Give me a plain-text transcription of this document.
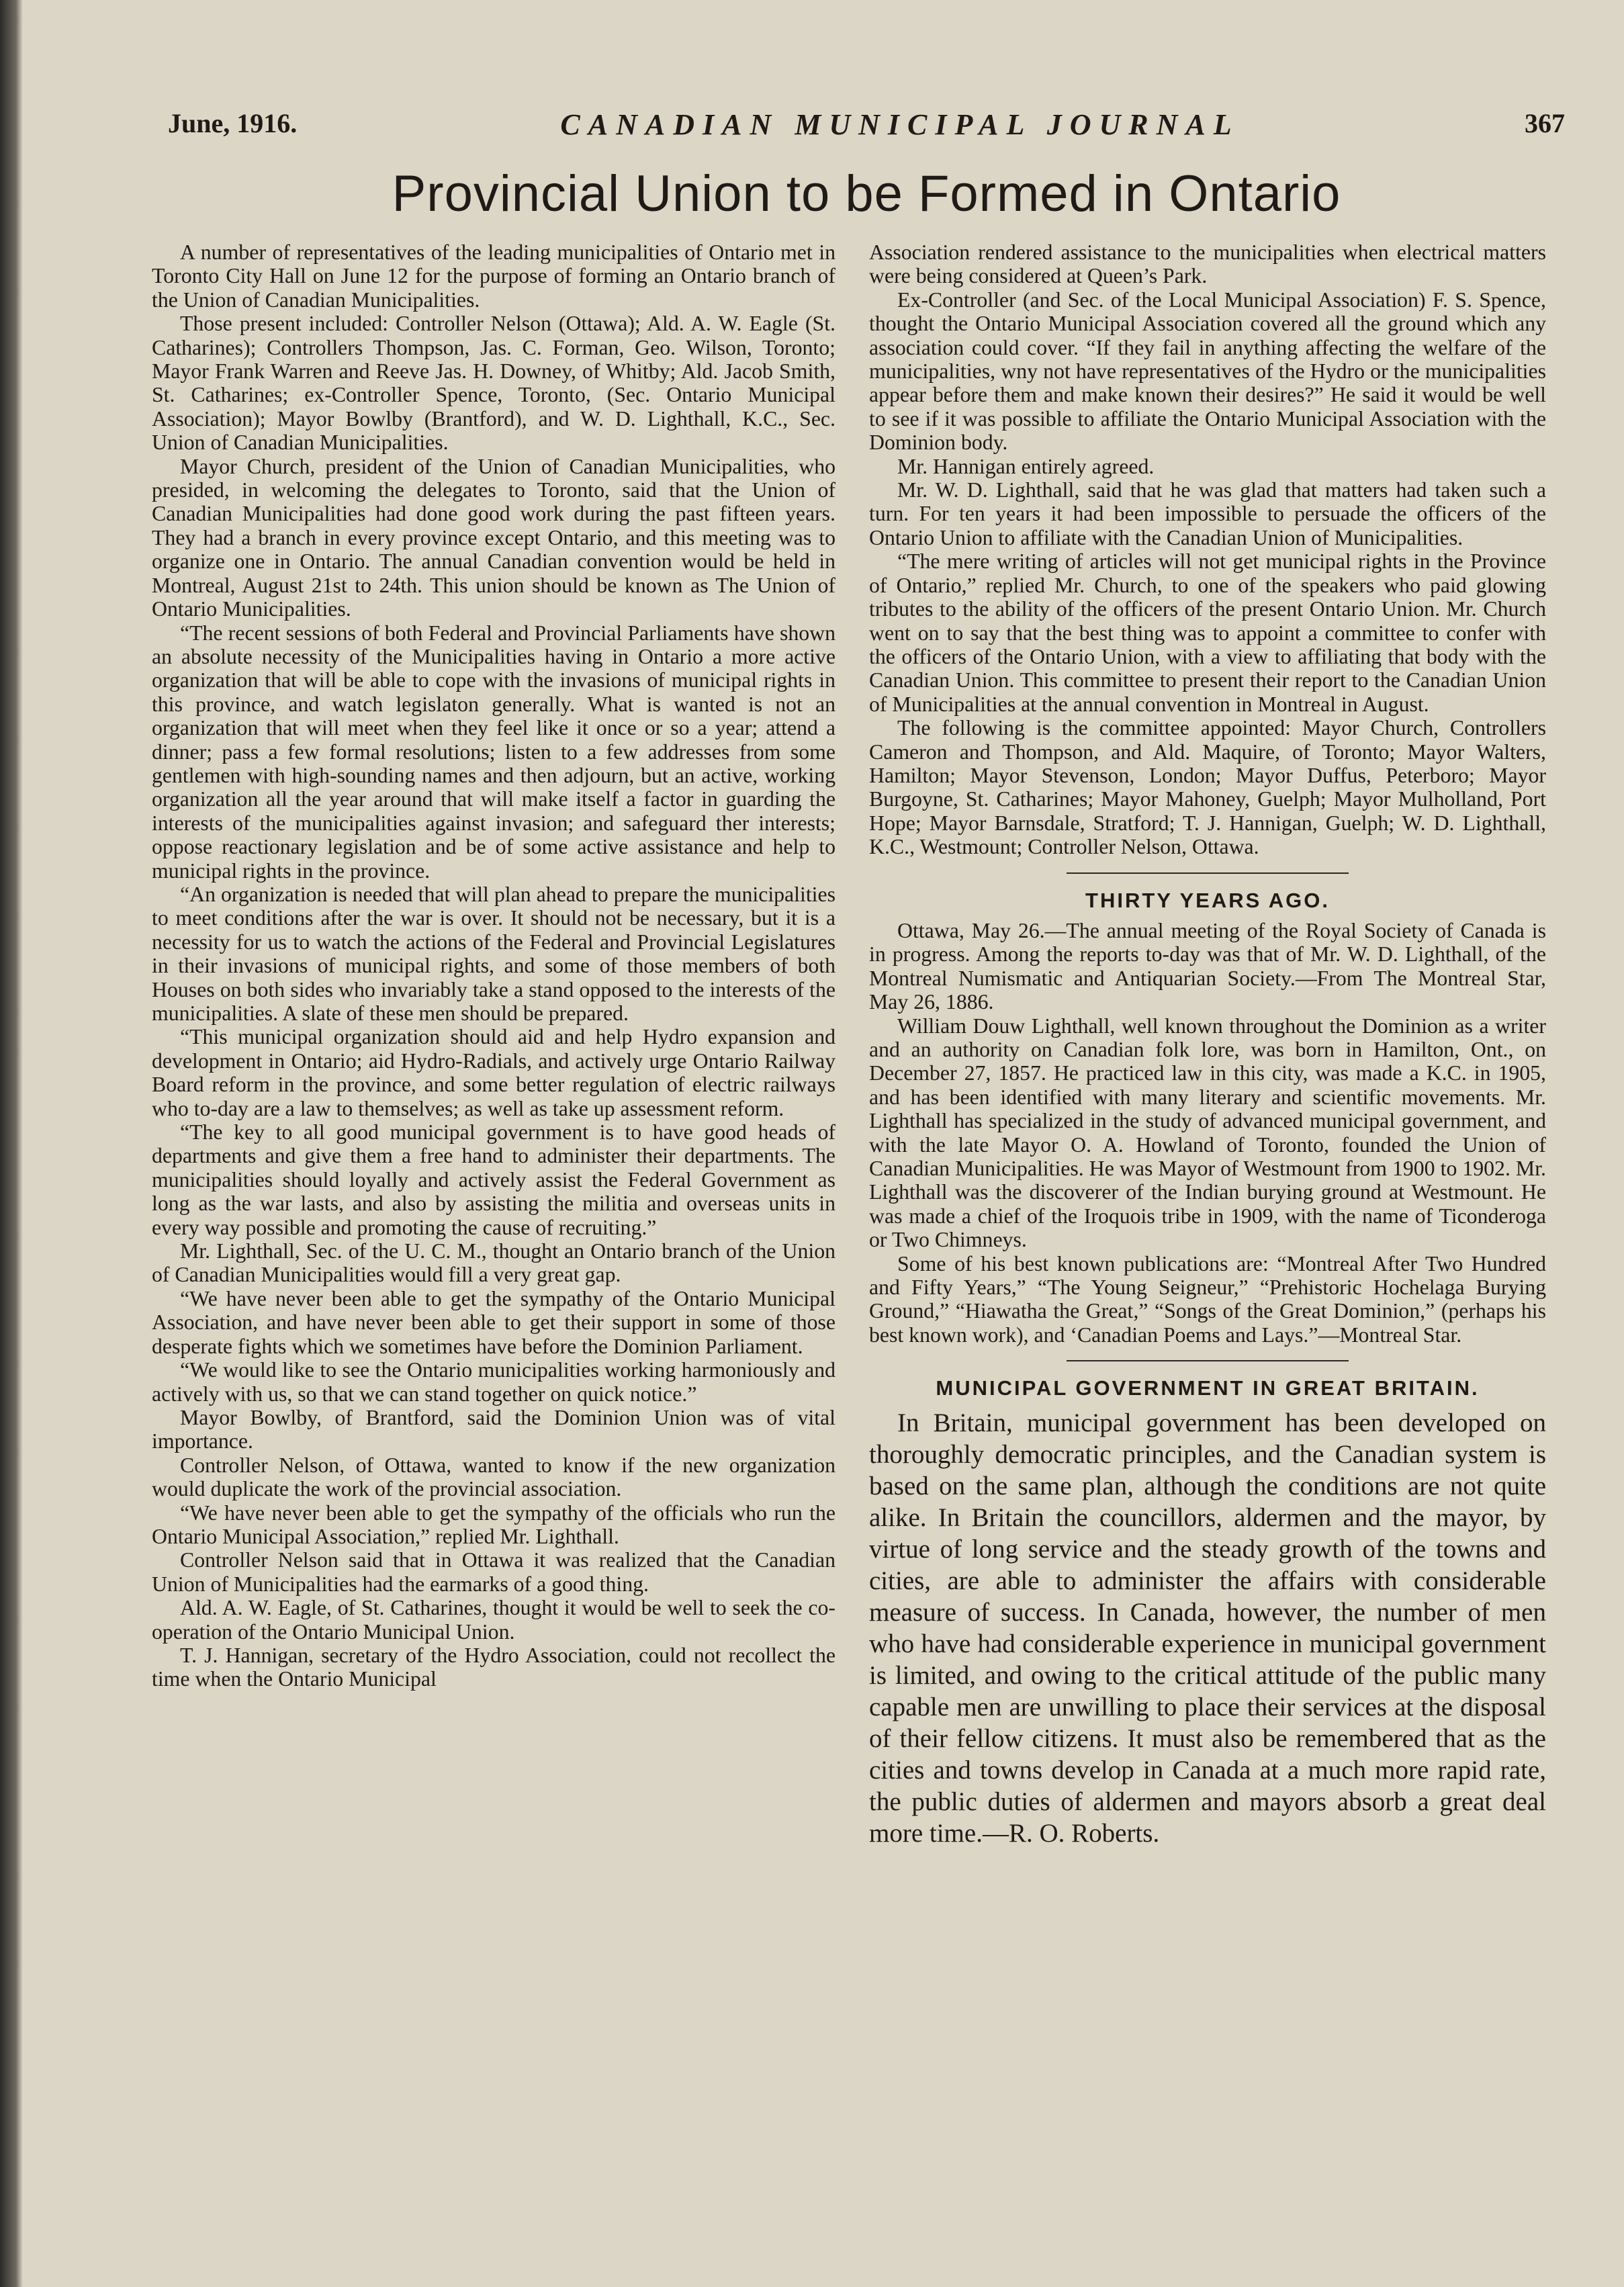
June, 1916.	CANADIAN MUNICIPAL JOURNAL	367
Provincial Union to be Formed in Ontario

A number of representatives of the leading municipalities of Ontario met in Toronto City Hall on June 12 for the purpose of forming an Ontario branch of the Union of Canadian Municipalities.

Those present included: Controller Nelson (Ottawa); Ald. A. W. Eagle (St. Catharines); Controllers Thompson, Jas. C. Forman, Geo. Wilson, Toronto; Mayor Frank Warren and Reeve Jas. H. Downey, of Whitby; Ald. Jacob Smith, St. Catharines; ex-Controller Spence, Toronto, (Sec. Ontario Municipal Association); Mayor Bowlby (Brantford), and W. D. Lighthall, K.C., Sec. Union of Canadian Municipalities.

Mayor Church, president of the Union of Canadian Municipalities, who presided, in welcoming the delegates to Toronto, said that the Union of Canadian Municipalities had done good work during the past fifteen years. They had a branch in every province except Ontario, and this meeting was to organize one in Ontario. The annual Canadian convention would be held in Montreal, August 21st to 24th. This union should be known as The Union of Ontario Municipalities.

“The recent sessions of both Federal and Provincial Parliaments have shown an absolute necessity of the Municipalities having in Ontario a more active organization that will be able to cope with the invasions of municipal rights in this province, and watch legislaton generally. What is wanted is not an organization that will meet when they feel like it once or so a year; attend a dinner; pass a few formal resolutions; listen to a few addresses from some gentlemen with high-sounding names and then adjourn, but an active, working organization all the year around that will make itself a factor in guarding the interests of the municipalities against invasion; and safeguard ther interests; oppose reactionary legislation and be of some active assistance and help to municipal rights in the province.

“An organization is needed that will plan ahead to prepare the municipalities to meet conditions after the war is over. It should not be necessary, but it is a necessity for us to watch the actions of the Federal and Provincial Legislatures in their invasions of municipal rights, and some of those members of both Houses on both sides who invariably take a stand opposed to the interests of the municipalities. A slate of these men should be prepared.

“This municipal organization should aid and help Hydro expansion and development in Ontario; aid Hydro-Radials, and actively urge Ontario Railway Board reform in the province, and some better regulation of electric railways who to-day are a law to themselves; as well as take up assessment reform.

“The key to all good municipal government is to have good heads of departments and give them a free hand to administer their departments. The municipalities should loyally and actively assist the Federal Government as long as the war lasts, and also by assisting the militia and overseas units in every way possible and promoting the cause of recruiting.”

Mr. Lighthall, Sec. of the U. C. M., thought an Ontario branch of the Union of Canadian Municipalities would fill a very great gap.

“We have never been able to get the sympathy of the Ontario Municipal Association, and have never been able to get their support in some of those desperate fights which we sometimes have before the Dominion Parliament.

“We would like to see the Ontario municipalities working harmoniously and actively with us, so that we can stand together on quick notice.”

Mayor Bowlby, of Brantford, said the Dominion Union was of vital importance.

Controller Nelson, of Ottawa, wanted to know if the new organization would duplicate the work of the provincial association.

“We have never been able to get the sympathy of the officials who run the Ontario Municipal Association,” replied Mr. Lighthall.

Controller Nelson said that in Ottawa it was realized that the Canadian Union of Municipalities had the earmarks of a good thing.

Ald. A. W. Eagle, of St. Catharines, thought it would be well to seek the co-operation of the Ontario Municipal Union.

T. J. Hannigan, secretary of the Hydro Association, could not recollect the time when the Ontario Municipal

Association rendered assistance to the municipalities when electrical matters were being considered at Queen’s Park.

Ex-Controller (and Sec. of the Local Municipal Association) F. S. Spence, thought the Ontario Municipal Association covered all the ground which any association could cover. “If they fail in anything affecting the welfare of the municipalities, wny not have representatives of the Hydro or the municipalities appear before them and make known their desires?” He said it would be well to see if it was possible to affiliate the Ontario Municipal Association with the Dominion body.

Mr. Hannigan entirely agreed.

Mr. W. D. Lighthall, said that he was glad that matters had taken such a turn. For ten years it had been impossible to persuade the officers of the Ontario Union to affiliate with the Canadian Union of Municipalities.

“The mere writing of articles will not get municipal rights in the Province of Ontario,” replied Mr. Church, to one of the speakers who paid glowing tributes to the ability of the officers of the present Ontario Union. Mr. Church went on to say that the best thing was to appoint a committee to confer with the officers of the Ontario Union, with a view to affiliating that body with the Canadian Union. This committee to present their report to the Canadian Union of Municipalities at the annual convention in Montreal in August.

The following is the committee appointed: Mayor Church, Controllers Cameron and Thompson, and Ald. Maquire, of Toronto; Mayor Walters, Hamilton; Mayor Stevenson, London; Mayor Duffus, Peterboro; Mayor Burgoyne, St. Catharines; Mayor Mahoney, Guelph; Mayor Mulholland, Port Hope; Mayor Barnsdale, Stratford; T. J. Hannigan, Guelph; W. D. Lighthall, K.C., Westmount; Controller Nelson, Ottawa.

THIRTY YEARS AGO.

Ottawa, May 26.—The annual meeting of the Royal Society of Canada is in progress. Among the reports to-day was that of Mr. W. D. Lighthall, of the Montreal Numismatic and Antiquarian Society.—From The Montreal Star, May 26, 1886.

William Douw Lighthall, well known throughout the Dominion as a writer and an authority on Canadian folk lore, was born in Hamilton, Ont., on December 27, 1857. He practiced law in this city, was made a K.C. in 1905, and has been identified with many literary and scientific movements. Mr. Lighthall has specialized in the study of advanced municipal government, and with the late Mayor O. A. Howland of Toronto, founded the Union of Canadian Municipalities. He was Mayor of Westmount from 1900 to 1902. Mr. Lighthall was the discoverer of the Indian burying ground at Westmount. He was made a chief of the Iroquois tribe in 1909, with the name of Ticonderoga or Two Chimneys.

Some of his best known publications are: “Montreal After Two Hundred and Fifty Years,” “The Young Seigneur,” “Prehistoric Hochelaga Burying Ground,” “Hiawatha the Great,” “Songs of the Great Dominion,” (perhaps his best known work), and ‘Canadian Poems and Lays.”—Montreal Star.

MUNICIPAL GOVERNMENT IN GREAT BRITAIN.

In Britain, municipal government has been developed on thoroughly democratic principles, and the Canadian system is based on the same plan, although the conditions are not quite alike. In Britain the councillors, aldermen and the mayor, by virtue of long service and the steady growth of the towns and cities, are able to administer the affairs with considerable measure of success. In Canada, however, the number of men who have had considerable experience in municipal government is limited, and owing to the critical attitude of the public many capable men are unwilling to place their services at the disposal of their fellow citizens. It must also be remembered that as the cities and towns develop in Canada at a much more rapid rate, the public duties of aldermen and mayors absorb a great deal more time.—R. O. Roberts.
